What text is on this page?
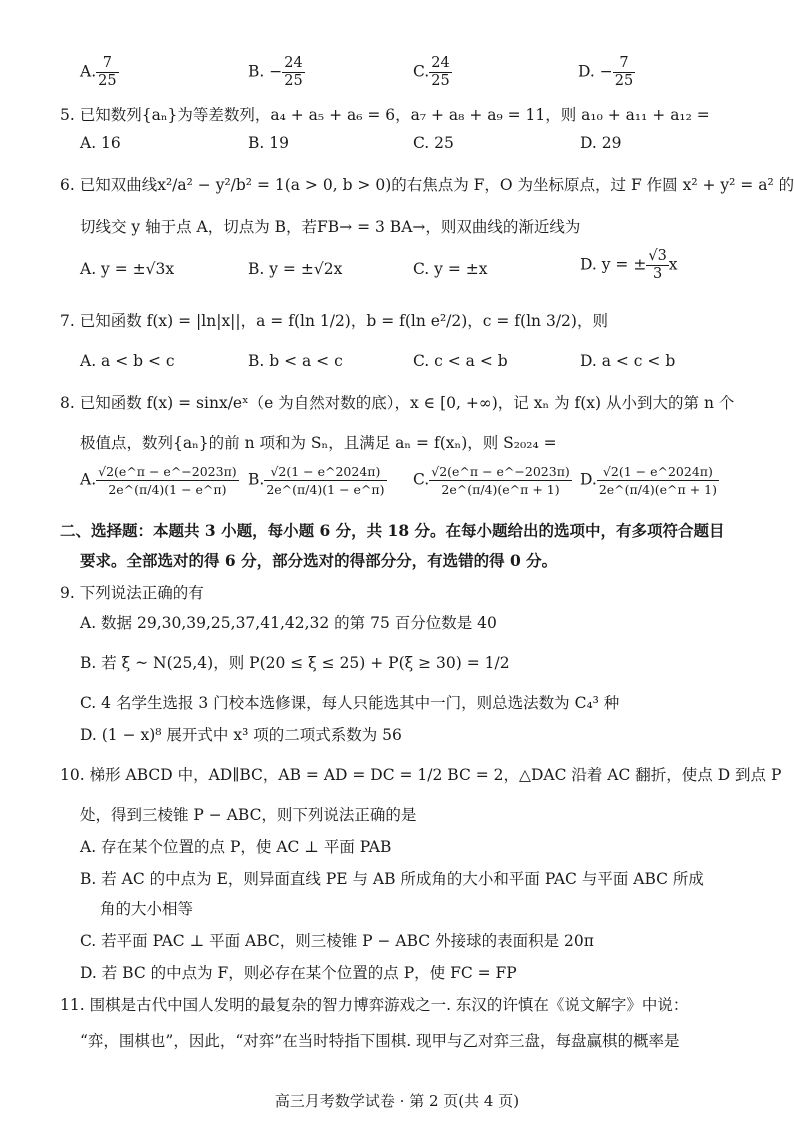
A. $\frac{7}{25}$	B. − $\frac{24}{25}$	C. $\frac{24}{25}$	D. − $\frac{7}{25}$
5. 已知数列{aₙ}为等差数列，a₄ + a₅ + a₆ = 6，a₇ + a₈ + a₉ = 11，则 a₁₀ + a₁₁ + a₁₂ =
A. 16	B. 19	C. 25	D. 29
6. 已知双曲线x²/a² − y²/b² = 1(a > 0, b > 0)的右焦点为 F，O 为坐标原点，过 F 作圆 x² + y² = a² 的
切线交 y 轴于点 A，切点为 B，若FB→ = 3 BA→，则双曲线的渐近线为
A. y = ±√3x	B. y = ±√2x	C. y = ±x	D. y = ± $\frac{√3}{3}$ x
7. 已知函数 f(x) = |ln|x||，a = f(ln 1/2)，b = f(ln e²/2)，c = f(ln 3/2)，则
A. a < b < c	B. b < a < c	C. c < a < b	D. a < c < b
8. 已知函数 f(x) = sinx/eˣ（e 为自然对数的底），x ∈ [0, +∞)，记 xₙ 为 f(x) 从小到大的第 n 个
极值点，数列{aₙ}的前 n 项和为 Sₙ，且满足 aₙ = f(xₙ)，则 S₂₀₂₄ =
A. $\frac{√2(e\^{}\pi - e\^{}-2023\pi)}{2e\^{}(\pi/4)(1 - e\^{}\pi)} B$. $\frac{√2(1 - e\^{}2024\pi)}{2e\^{}(\pi/4)(1 - e\^{}\pi)} C$. $\frac{√2(e\^{}\pi - e\^{}-2023\pi)}{2e\^{}(\pi/4)(e\^{}\pi + 1)} D$. $\frac{√2(1 - e\^{}2024\pi)}{2e\^{}(\pi/4)(e\^{}\pi + 1)}$
二、选择题：本题共 3 小题，每小题 6 分，共 18 分。在每小题给出的选项中，有多项符合题目
要求。全部选对的得 6 分，部分选对的得部分分，有选错的得 0 分。
9. 下列说法正确的有
A. 数据 29,30,39,25,37,41,42,32 的第 75 百分位数是 40
B. 若 ξ ~ N(25,4)，则 P(20 ≤ ξ ≤ 25) + P(ξ ≥ 30) = 1/2
C. 4 名学生选报 3 门校本选修课，每人只能选其中一门，则总选法数为 C₄³ 种
D. (1 − x)⁸ 展开式中 x³ 项的二项式系数为 56
10. 梯形 ABCD 中，AD∥BC，AB = AD = DC = 1/2 BC = 2，△DAC 沿着 AC 翻折，使点 D 到点 P
处，得到三棱锥 P − ABC，则下列说法正确的是
A. 存在某个位置的点 P，使 AC ⊥ 平面 PAB
B. 若 AC 的中点为 E，则异面直线 PE 与 AB 所成角的大小和平面 PAC 与平面 ABC 所成
角的大小相等
C. 若平面 PAC ⊥ 平面 ABC，则三棱锥 P − ABC 外接球的表面积是 20π
D. 若 BC 的中点为 F，则必存在某个位置的点 P，使 FC = FP
11. 围棋是古代中国人发明的最复杂的智力博弈游戏之一. 东汉的许慎在《说文解字》中说：
“弈，围棋也”，因此，“对弈”在当时特指下围棋. 现甲与乙对弈三盘，每盘赢棋的概率是
高三月考数学试卷 · 第 2 页(共 4 页)
